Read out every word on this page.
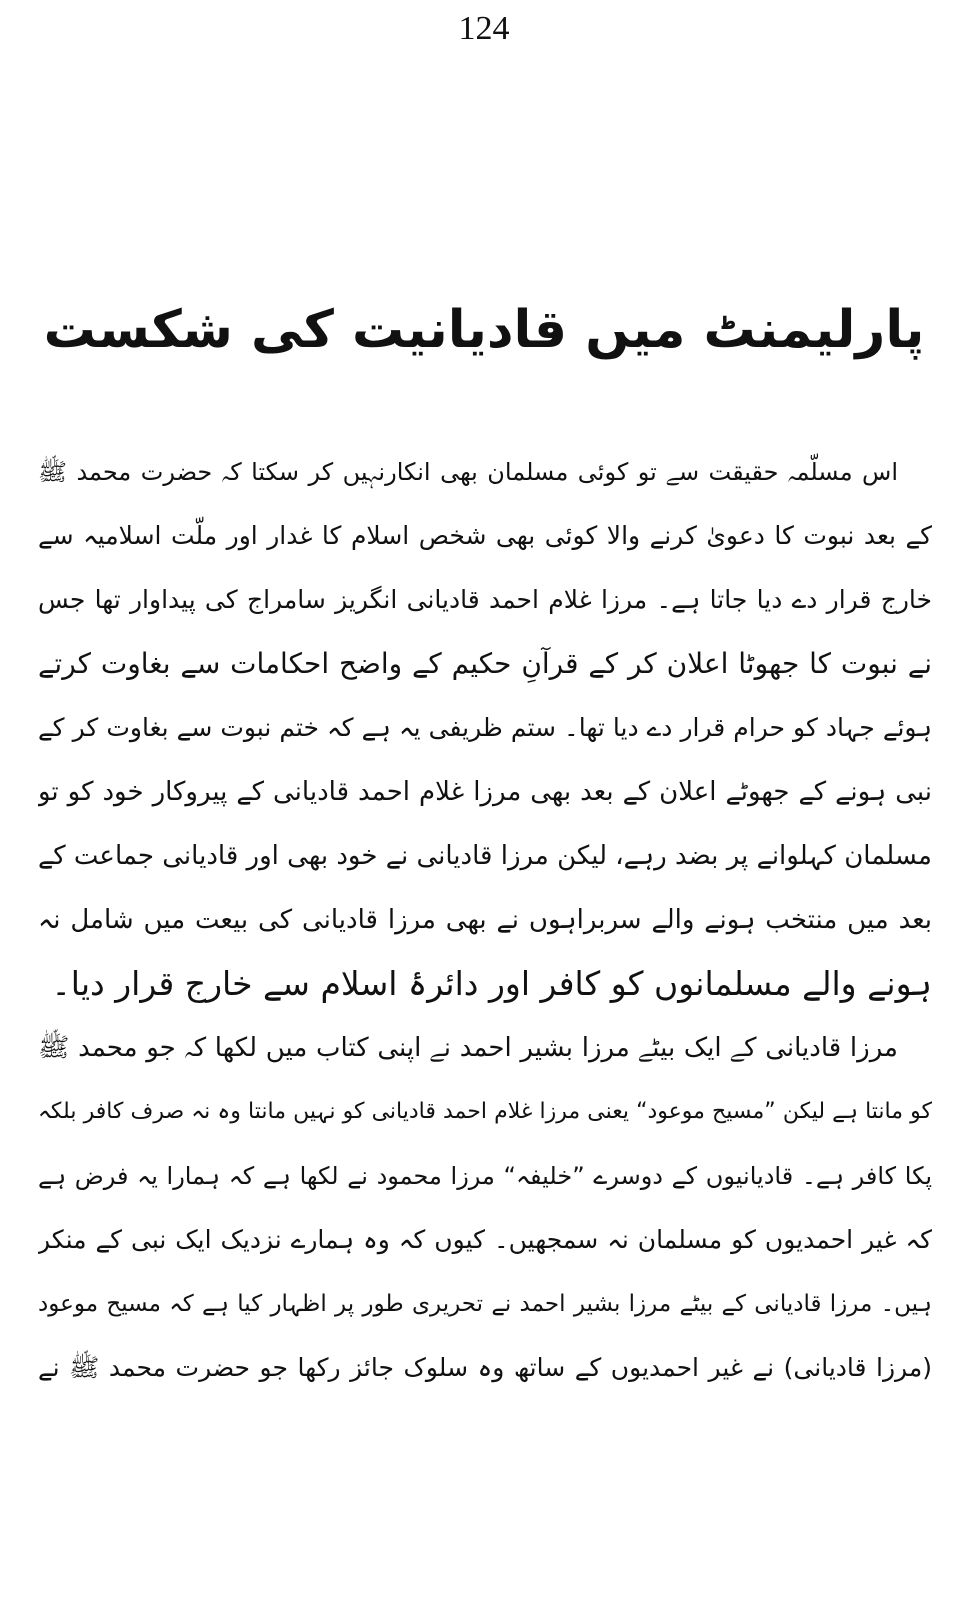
124
پارلیمنٹ میں قادیانیت کی شکست
اس مسلّمہ حقیقت سے تو کوئی مسلمان بھی انکارنہیں کر سکتا کہ حضرت محمد ﷺ
کے بعد نبوت کا دعویٰ کرنے والا کوئی بھی شخص اسلام کا غدار اور ملّت اسلامیہ سے
خارج قرار دے دیا جاتا ہے۔ مرزا غلام احمد قادیانی انگریز سامراج کی پیداوار تھا جس
نے نبوت کا جھوٹا اعلان کر کے قرآنِ حکیم کے واضح احکامات سے بغاوت کرتے
ہوئے جہاد کو حرام قرار دے دیا تھا۔ ستم ظریفی یہ ہے کہ ختم نبوت سے بغاوت کر کے
نبی ہونے کے جھوٹے اعلان کے بعد بھی مرزا غلام احمد قادیانی کے پیروکار خود کو تو
مسلمان کہلوانے پر بضد رہے، لیکن مرزا قادیانی نے خود بھی اور قادیانی جماعت کے
بعد میں منتخب ہونے والے سربراہوں نے بھی مرزا قادیانی کی بیعت میں شامل نہ
ہونے والے مسلمانوں کو کافر اور دائرۂ اسلام سے خارج قرار دیا۔
مرزا قادیانی کے ایک بیٹے مرزا بشیر احمد نے اپنی کتاب میں لکھا کہ جو محمد ﷺ
کو مانتا ہے لیکن ”مسیح موعود“ یعنی مرزا غلام احمد قادیانی کو نہیں مانتا وہ نہ صرف کافر بلکہ
پکا کافر ہے۔ قادیانیوں کے دوسرے ”خلیفہ“ مرزا محمود نے لکھا ہے کہ ہمارا یہ فرض ہے
کہ غیر احمدیوں کو مسلمان نہ سمجھیں۔ کیوں کہ وہ ہمارے نزدیک ایک نبی کے منکر
ہیں۔ مرزا قادیانی کے بیٹے مرزا بشیر احمد نے تحریری طور پر اظہار کیا ہے کہ مسیح موعود
(مرزا قادیانی) نے غیر احمدیوں کے ساتھ وہ سلوک جائز رکھا جو حضرت محمد ﷺ نے
